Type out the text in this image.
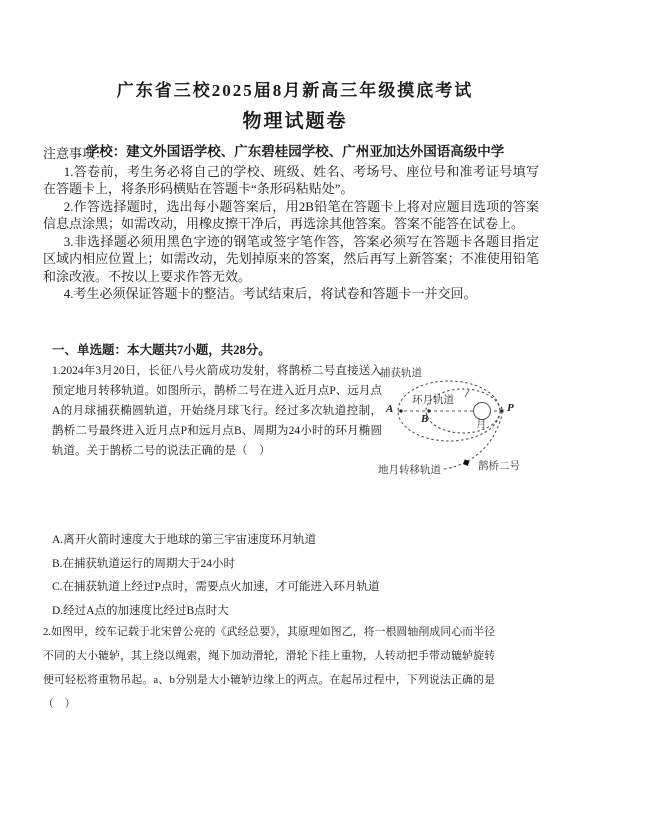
广东省三校2025届8月新高三年级摸底考试
物理试题卷
学校：建文外国语学校、广东碧桂园学校、广州亚加达外国语高级中学
注意事项：
1.答卷前，考生务必将自己的学校、班级、姓名、考场号、座位号和准考证号填写在答题卡上，将条形码横贴在答题卡“条形码粘贴处”。
2.作答选择题时，选出每小题答案后，用2B铅笔在答题卡上将对应题目选项的答案信息点涂黑；如需改动，用橡皮擦干净后，再选涂其他答案。答案不能答在试卷上。
3.非选择题必须用黑色字迹的钢笔或签字笔作答，答案必须写在答题卡各题目指定区域内相应位置上；如需改动，先划掉原来的答案，然后再写上新答案；不准使用铅笔和涂改液。不按以上要求作答无效。
4.考生必须保证答题卡的整洁。考试结束后，将试卷和答题卡一并交回。
一、单选题：本大题共7小题，共28分。
1.2024年3月20日，长征八号火箭成功发射，将鹊桥二号直接送入预定地月转移轨道。如图所示，鹊桥二号在进入近月点P、远月点A的月球捕获椭圆轨道，开始绕月球飞行。经过多次轨道控制，鹊桥二号最终进入近月点P和远月点B、周期为24小时的环月椭圆轨道。关于鹊桥二号的说法正确的是（　）
捕获轨道
环月轨道
A
B
P
月
地月转移轨道	鹊桥二号
A.离开火箭时速度大于地球的第三宇宙速度环月轨道
B.在捕获轨道运行的周期大于24小时
C.在捕获轨道上经过P点时，需要点火加速，才可能进入环月轨道
D.经过A点的加速度比经过B点时大
2.如图甲，绞车记载于北宋曾公亮的《武经总要》，其原理如图乙，将一根圆轴削成同心而半径不同的大小辘轳，其上绕以绳索，绳下加动滑轮，滑轮下挂上重物，人转动把手带动辘轳旋转便可轻松将重物吊起。a、b分别是大小辘轳边缘上的两点。在起吊过程中，下列说法正确的是（　）
